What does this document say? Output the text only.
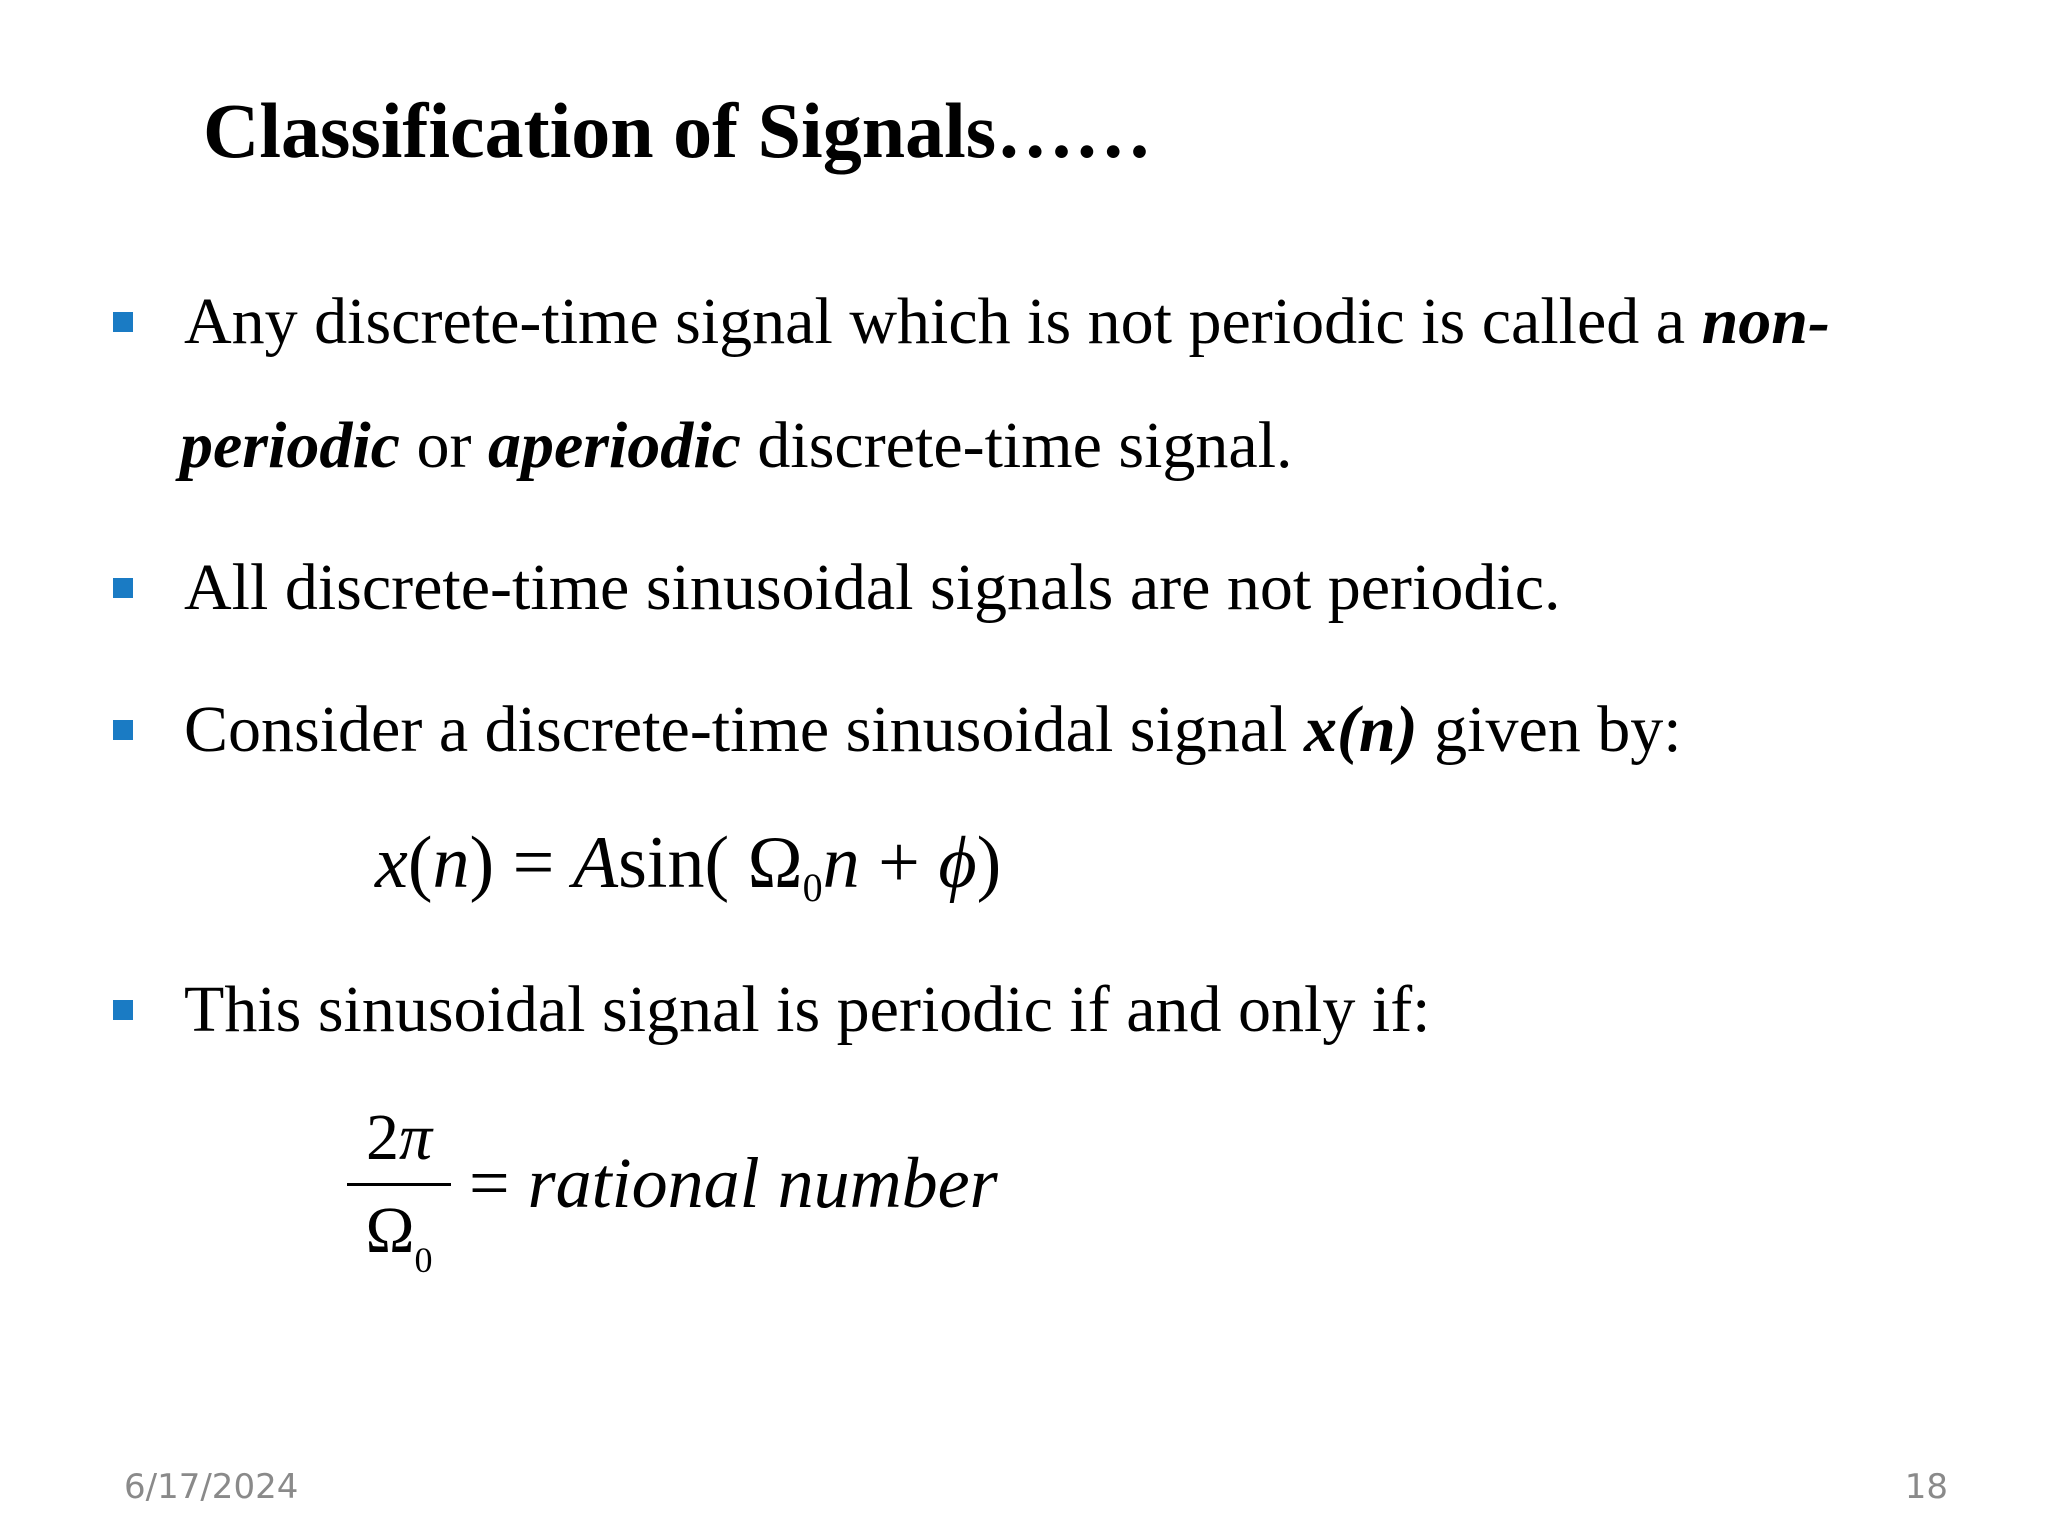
Classification of Signals……
Any discrete-time signal which is not periodic is called a non-
periodic or aperiodic discrete-time signal.
All discrete-time sinusoidal signals are not periodic.
Consider a discrete-time sinusoidal signal x(n) given by:
x(n) = Asin( $\Omega_0n + \phi$)
This sinusoidal signal is periodic if and only if:
2π
$\Omega_0$
= rational number
6/17/2024	18
